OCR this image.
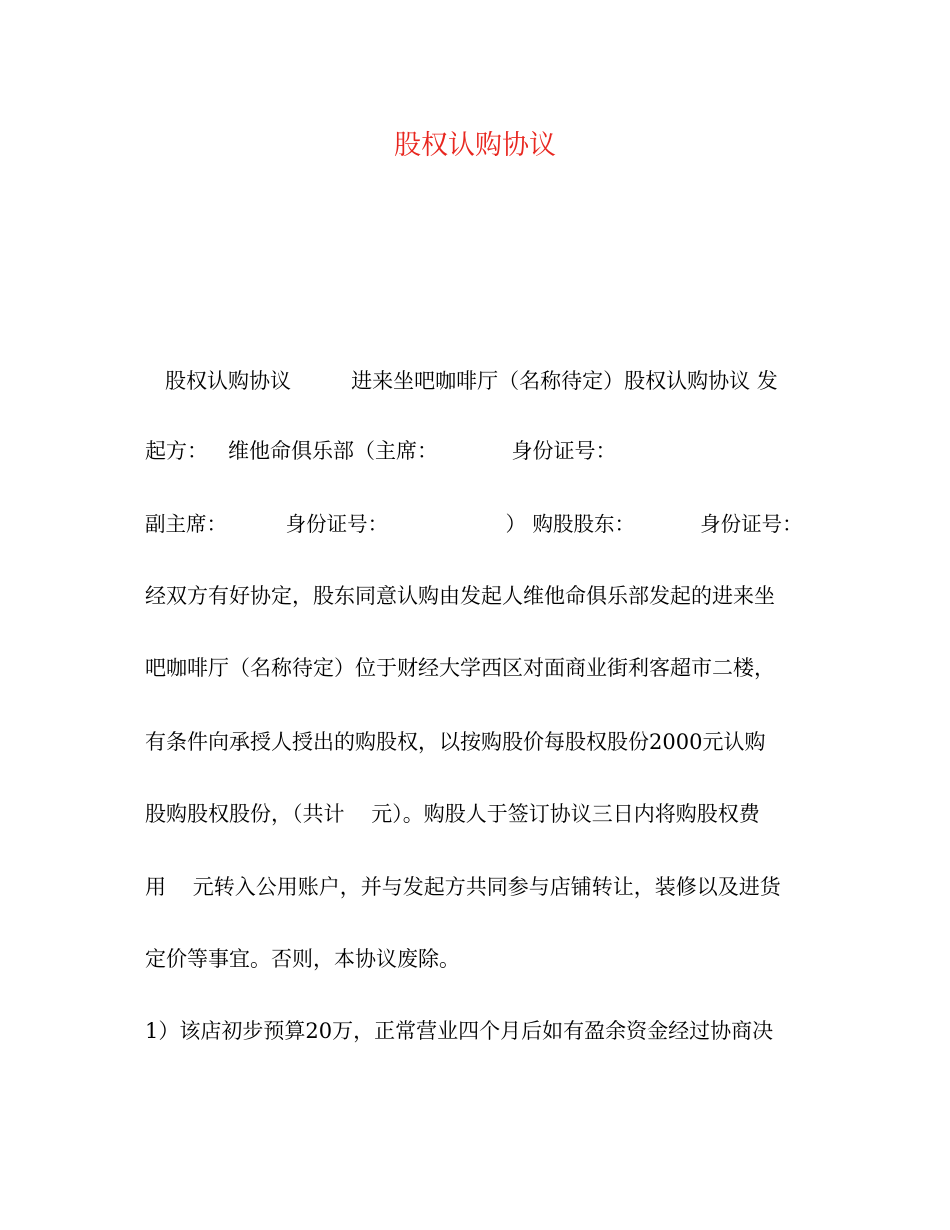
股权认购协议
股权认购协议         进来坐吧咖啡厅（名称待定）股权认购协议 发
起方：   维他命俱乐部（主席：           身份证号：
副主席：         身份证号：                  ） 购股股东：          身份证号：
经双方有好协定，股东同意认购由发起人维他命俱乐部发起的进来坐
吧咖啡厅（名称待定）位于财经大学西区对面商业街利客超市二楼，
有条件向承授人授出的购股权，以按购股价每股权股份2000元认购
股购股权股份，（共计    元）。购股人于签订协议三日内将购股权费
用    元转入公用账户，并与发起方共同参与店铺转让，装修以及进货
定价等事宜。否则，本协议废除。
1）该店初步预算20万，正常营业四个月后如有盈余资金经过协商决
